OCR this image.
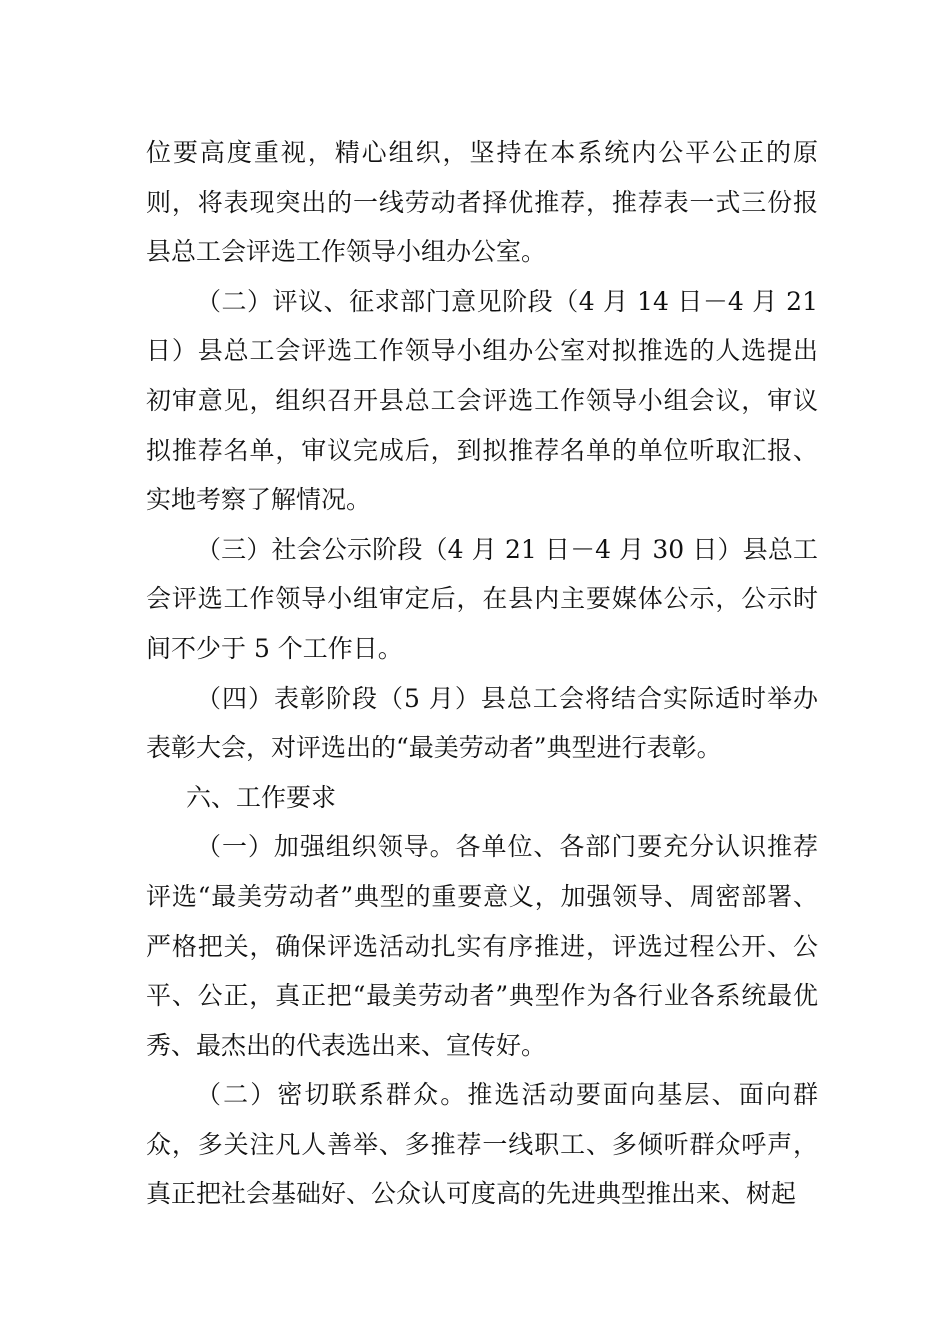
位要高度重视，精心组织，坚持在本系统内公平公正的原则，将表现突出的一线劳动者择优推荐，推荐表一式三份报县总工会评选工作领导小组办公室。

（二）评议、征求部门意见阶段（4 月 14 日－4 月 21 日）县总工会评选工作领导小组办公室对拟推选的人选提出初审意见，组织召开县总工会评选工作领导小组会议，审议拟推荐名单，审议完成后，到拟推荐名单的单位听取汇报、实地考察了解情况。

（三）社会公示阶段（4 月 21 日－4 月 30 日）县总工会评选工作领导小组审定后，在县内主要媒体公示，公示时间不少于 5 个工作日。

（四）表彰阶段（5 月）县总工会将结合实际适时举办表彰大会，对评选出的“最美劳动者”典型进行表彰。

六、工作要求

（一）加强组织领导。各单位、各部门要充分认识推荐评选“最美劳动者”典型的重要意义，加强领导、周密部署、严格把关，确保评选活动扎实有序推进，评选过程公开、公平、公正，真正把“最美劳动者”典型作为各行业各系统最优秀、最杰出的代表选出来、宣传好。

（二）密切联系群众。推选活动要面向基层、面向群众，多关注凡人善举、多推荐一线职工、多倾听群众呼声，真正把社会基础好、公众认可度高的先进典型推出来、树起
